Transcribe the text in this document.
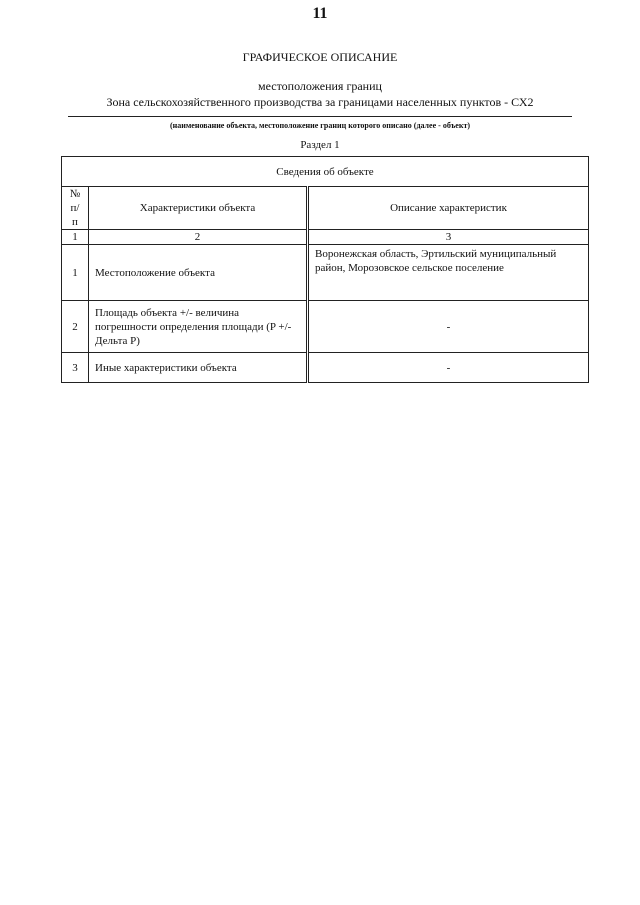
11
ГРАФИЧЕСКОЕ ОПИСАНИЕ
местоположения границ
Зона сельскохозяйственного производства за границами населенных пунктов - СХ2
(наименование объекта, местоположение границ которого описано (далее - объект)
Раздел 1
Сведения об объекте		
№ п/п	Характеристики объекта	Описание характеристик
1	2	3
1	Местоположение объекта	Воронежская область, Эртильский муниципальный район, Морозовское сельское поселение
2	Площадь объекта +/- величина погрешности определения площади (P +/- Дельта P)	-
3	Иные характеристики объекта	-
